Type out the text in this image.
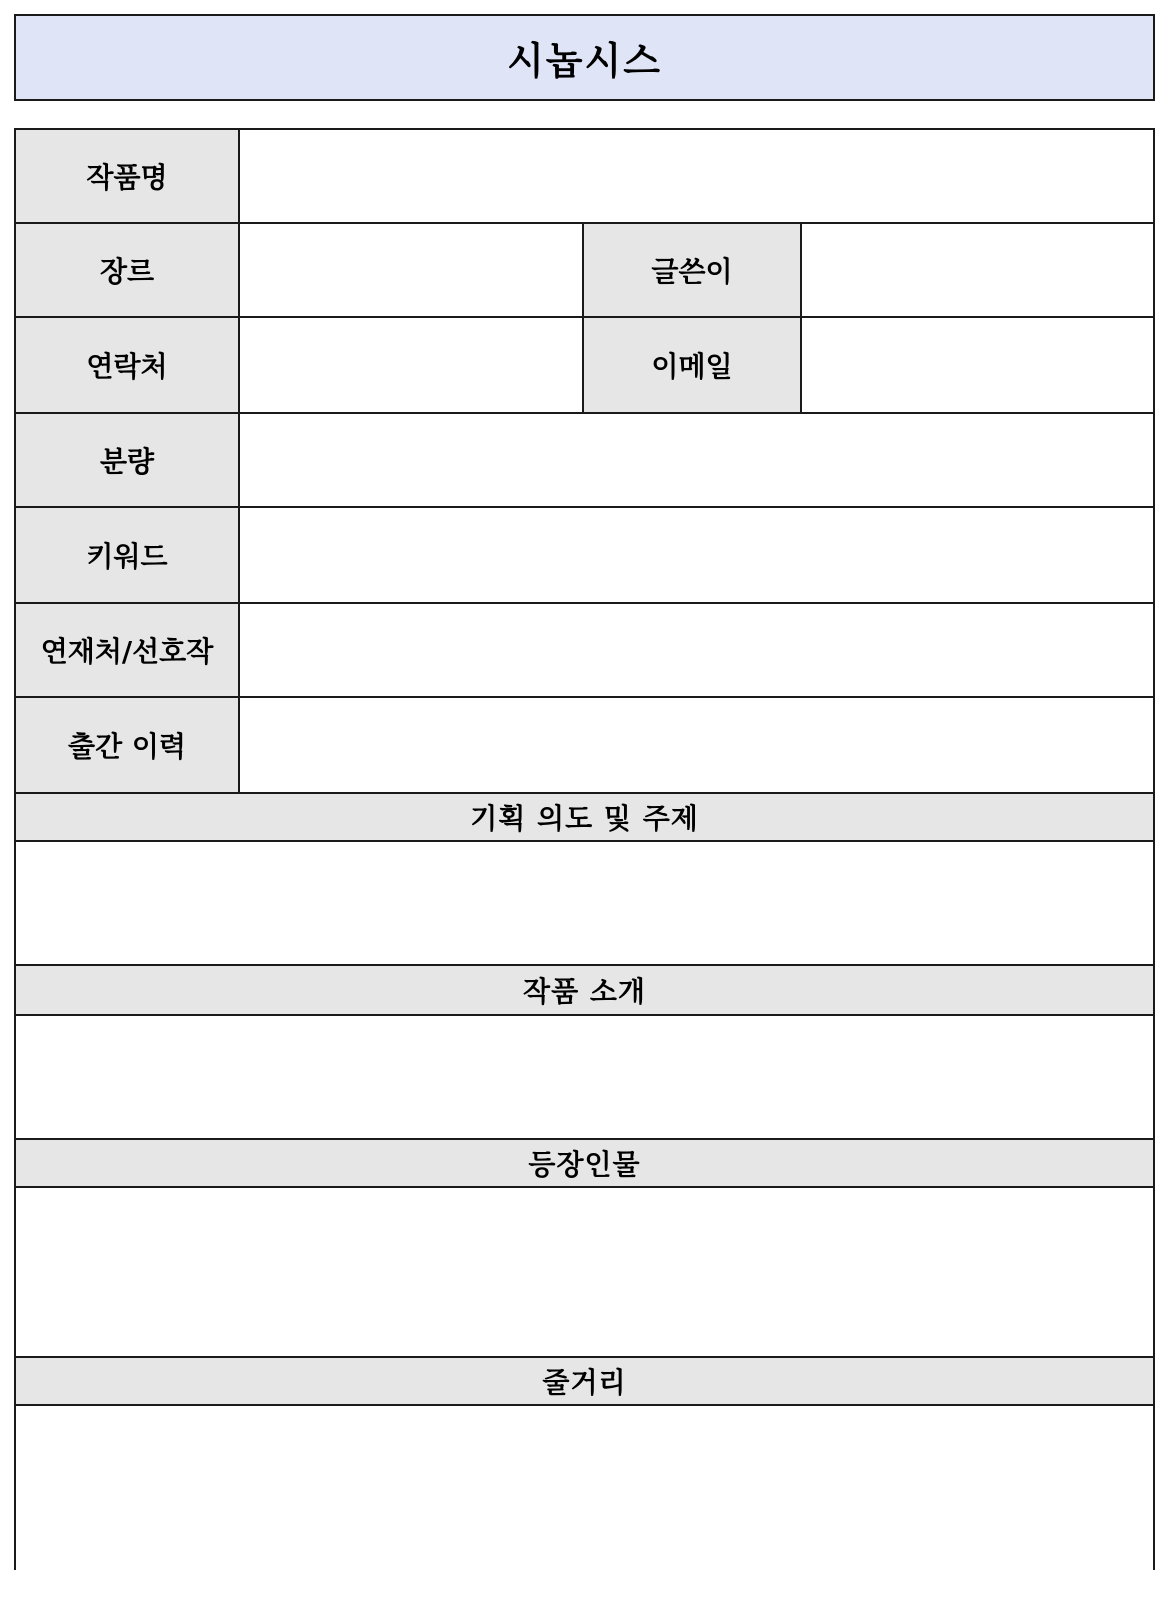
시놉시스
작품명
장르	글쓴이
연락처	이메일
분량
키워드
연재처/선호작
출간 이력
기획 의도 및 주제
작품 소개
등장인물
줄거리
